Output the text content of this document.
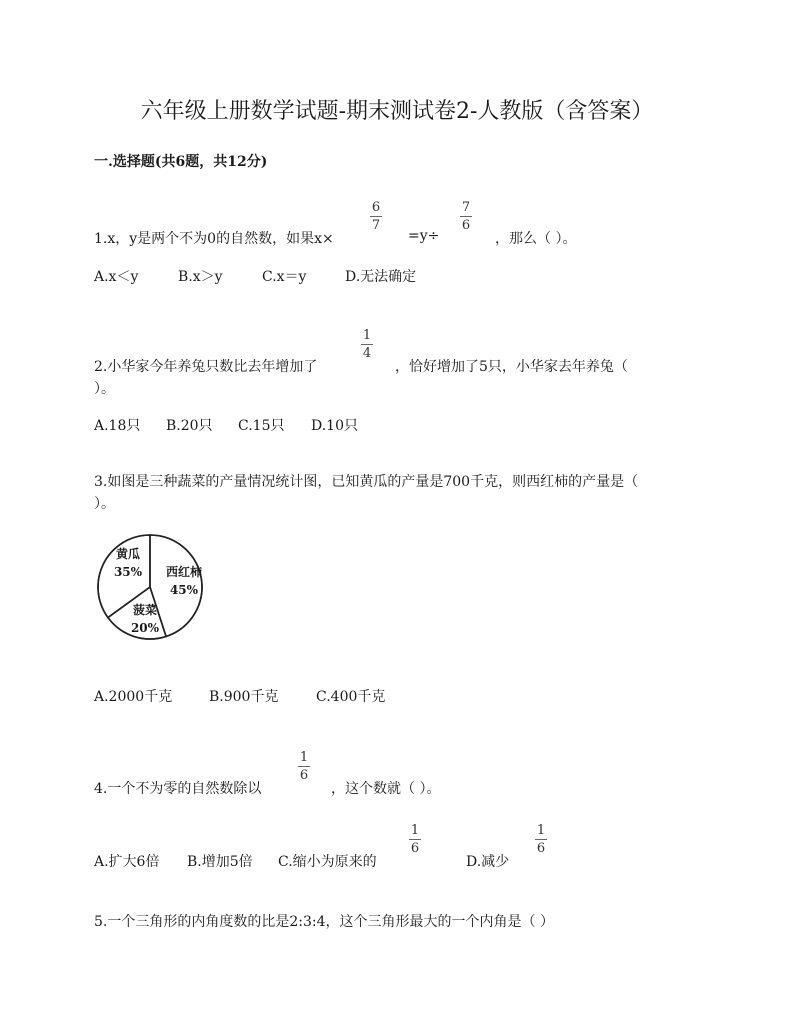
六年级上册数学试题-期末测试卷2-人教版（含答案）
一.选择题(共6题，共12分)
1.x，y是两个不为0的自然数，如果x×
6
7
=y÷
7
6
，那么（ ）。
A.x＜y	B.x＞y	C.x＝y	D.无法确定
2.小华家今年养兔只数比去年增加了
1
4
，恰好增加了5只，小华家去年养兔（
）。
A.18只 B.20只 C.15只 D.10只
3.如图是三种蔬菜的产量情况统计图，已知黄瓜的产量是700千克，则西红柿的产量是（
）。
黄瓜
35% 西红柿
45%
菠菜
20%
A.2000千克	B.900千克	C.400千克
4.一个不为零的自然数除以
1
6
，这个数就（ ）。
A.扩大6倍 B.增加5倍 C.缩小为原来的
1
6
D.减少
1
6
5.一个三角形的内角度数的比是2:3:4，这个三角形最大的一个内角是（ ）
